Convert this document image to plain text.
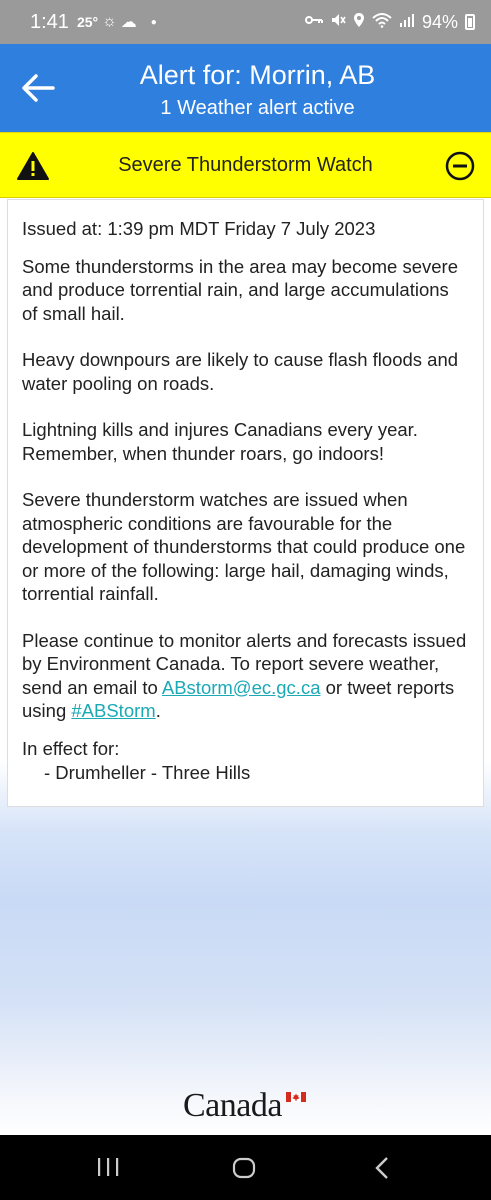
1:41 25° ☼ ☁ ●	94%
Alert for: Morrin, AB
1 Weather alert active
Severe Thunderstorm Watch

Issued at: 1:39 pm MDT Friday 7 July 2023

Some thunderstorms in the area may become severe and produce torrential rain, and large accumulations of small hail.

Heavy downpours are likely to cause flash floods and water pooling on roads.

Lightning kills and injures Canadians every year. Remember, when thunder roars, go indoors!

Severe thunderstorm watches are issued when atmospheric conditions are favourable for the development of thunderstorms that could produce one or more of the following: large hail, damaging winds, torrential rainfall.

Please continue to monitor alerts and forecasts issued by Environment Canada. To report severe weather, send an email to ABstorm@ec.gc.ca or tweet reports using #ABStorm.

In effect for:

- Drumheller - Three Hills

Canada
